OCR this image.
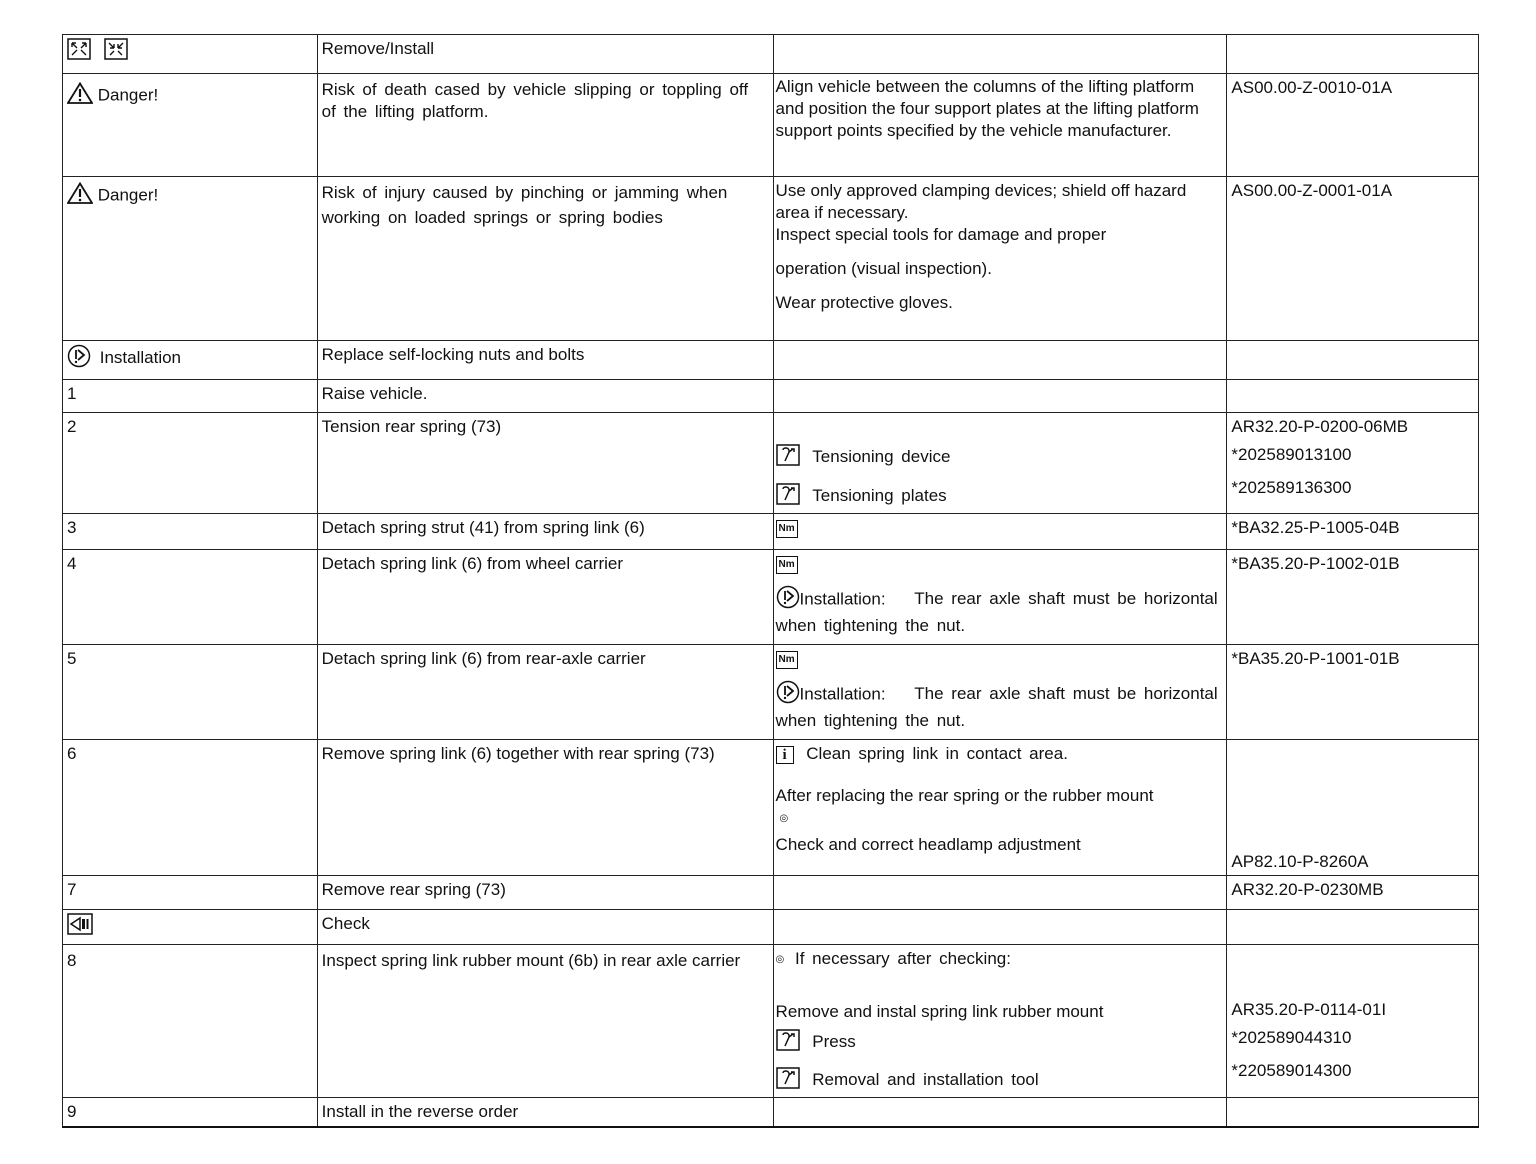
	Remove/Install		
Danger!	Risk of death cased by vehicle slipping or toppling off of the lifting platform.	Align vehicle between the columns of the lifting platform and position the four support plates at the lifting platform support points specified by the vehicle manufacturer.	AS00.00-Z-0010-01A

Danger!	Risk of injury caused by pinching or jamming when working on loaded springs or spring bodies	Use only approved clamping devices; shield off hazard area if necessary.
Inspect special tools for damage and proper
operation (visual inspection).
Wear protective gloves.	AS00.00-Z-0001-01A

Installation	Replace self-locking nuts and bolts		
1	Raise vehicle.		
2	Tension rear spring (73)	Tensioning device
Tensioning plates	AR32.20-P-0200-06MB
*202589013100
*202589136300

3	Detach spring strut (41) from spring link (6)	Nm	*BA32.25-P-1005-04B

4	Detach spring link (6) from wheel carrier	Nm
Installation: The rear axle shaft must be horizontal when tightening the nut.	*BA35.20-P-1002-01B

5	Detach spring link (6) from rear-axle carrier	Nm
Installation: The rear axle shaft must be horizontal when tightening the nut.	*BA35.20-P-1001-01B

6	Remove spring link (6) together with rear spring (73)	i Clean spring link in contact area.
After replacing the rear spring or the rubber mount
◎
Check and correct headlamp adjustment	AP82.10-P-8260A

7	Remove rear spring (73)		AR32.20-P-0230MB

	Check		
8	Inspect spring link rubber mount (6b) in rear axle carrier	◎ If necessary after checking:
Remove and instal spring link rubber mount
Press
Removal and installation tool	AR35.20-P-0114-01I
*202589044310
*220589014300

9	Install in the reverse order		
